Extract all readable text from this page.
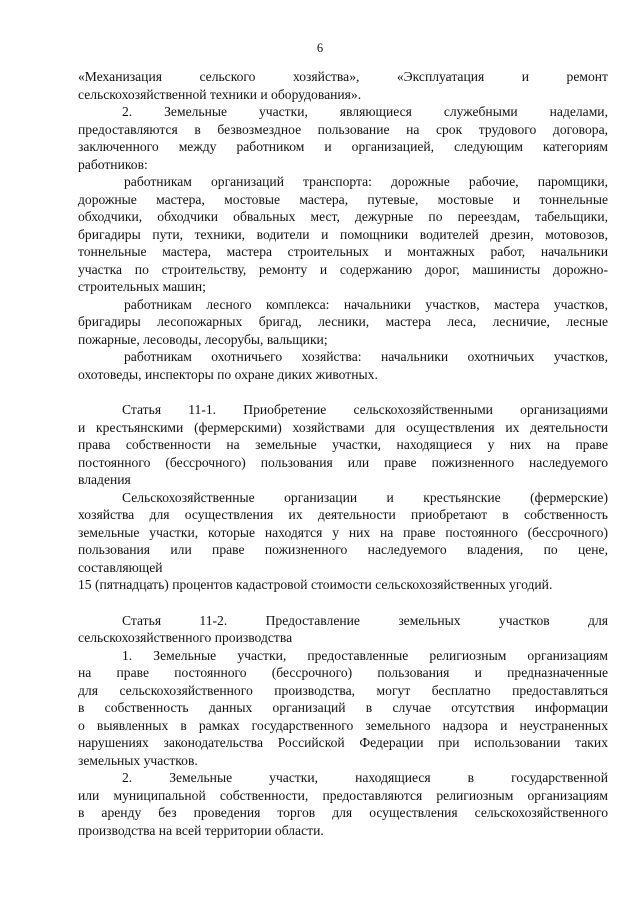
6

«Механизация сельского хозяйства», «Эксплуатация и ремонт

сельскохозяйственной техники и оборудования».

2. Земельные участки, являющиеся служебными наделами,

предоставляются в безвозмездное пользование на срок трудового договора,

заключенного между работником и организацией, следующим категориям

работников:

работникам организаций транспорта: дорожные рабочие, паромщики,

дорожные мастера, мостовые мастера, путевые, мостовые и тоннельные

обходчики, обходчики обвальных мест, дежурные по переездам, табельщики,

бригадиры пути, техники, водители и помощники водителей дрезин, мотовозов,

тоннельные мастера, мастера строительных и монтажных работ, начальники

участка по строительству, ремонту и содержанию дорог, машинисты дорожно-

строительных машин;

работникам лесного комплекса: начальники участков, мастера участков,

бригадиры лесопожарных бригад, лесники, мастера леса, лесничие, лесные

пожарные, лесоводы, лесорубы, вальщики;

работникам охотничьего хозяйства: начальники охотничьих участков,

охотоведы, инспекторы по охране диких животных.

Статья 11-1. Приобретение сельскохозяйственными организациями

и крестьянскими (фермерскими) хозяйствами для осуществления их деятельности

права собственности на земельные участки, находящиеся у них на праве

постоянного (бессрочного) пользования или праве пожизненного наследуемого

владения

Сельскохозяйственные организации и крестьянские (фермерские)

хозяйства для осуществления их деятельности приобретают в собственность

земельные участки, которые находятся у них на праве постоянного (бессрочного)

пользования или праве пожизненного наследуемого владения, по цене,

составляющей

15 (пятнадцать) процентов кадастровой стоимости сельскохозяйственных угодий.

Статья 11-2. Предоставление земельных участков для

сельскохозяйственного производства

1. Земельные участки, предоставленные религиозным организациям

на праве постоянного (бессрочного) пользования и предназначенные

для сельскохозяйственного производства, могут бесплатно предоставляться

в собственность данных организаций в случае отсутствия информации

о выявленных в рамках государственного земельного надзора и неустраненных

нарушениях законодательства Российской Федерации при использовании таких

земельных участков.

2. Земельные участки, находящиеся в государственной

или муниципальной собственности, предоставляются религиозным организациям

в аренду без проведения торгов для осуществления сельскохозяйственного

производства на всей территории области.
